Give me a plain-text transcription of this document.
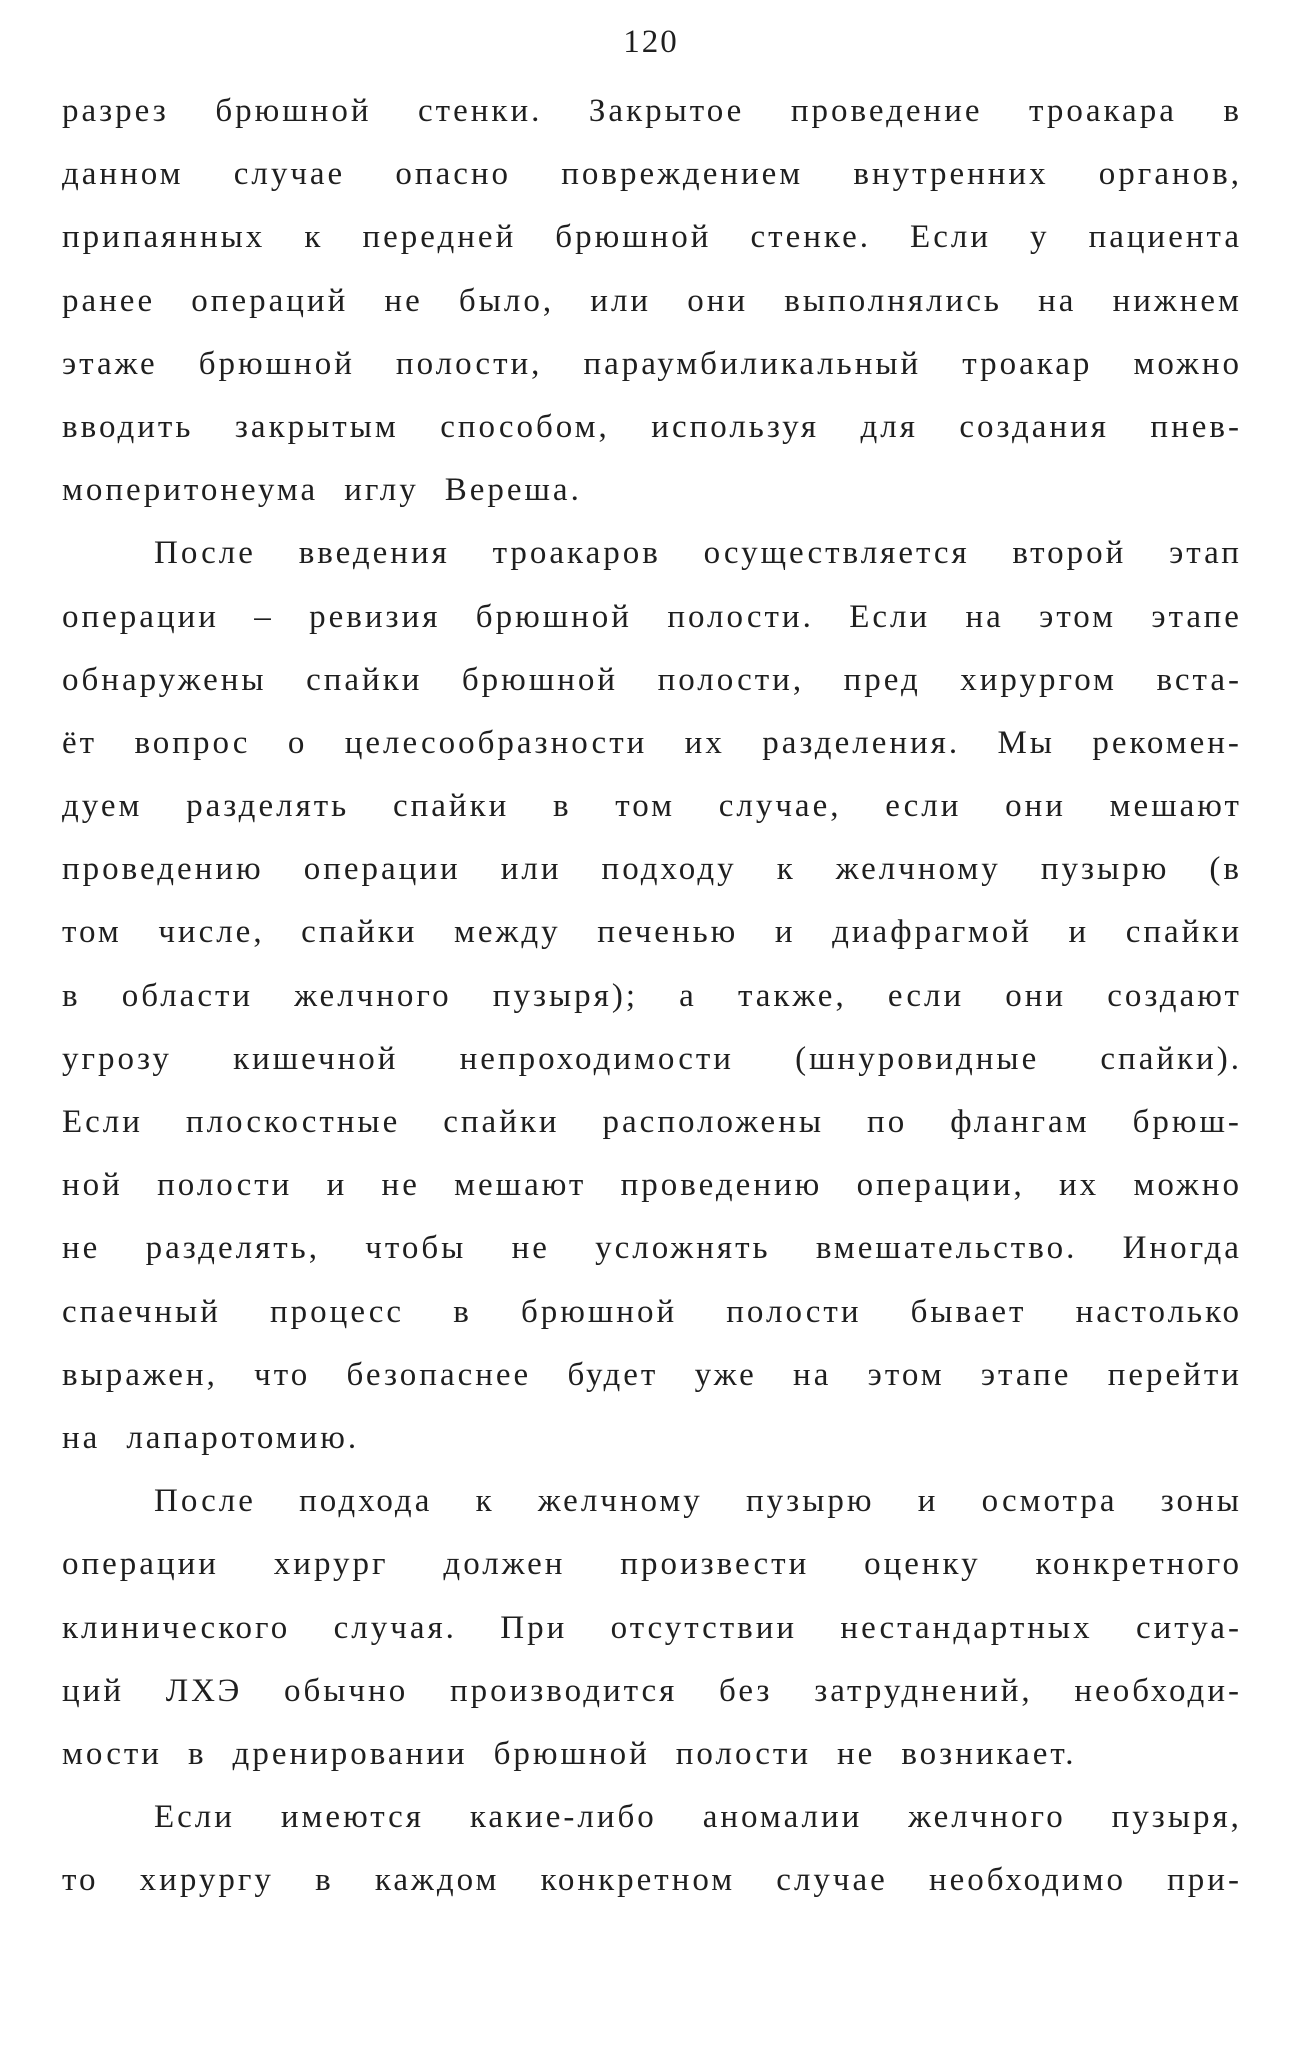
120
разрез брюшной стенки. Закрытое проведение троакара в
данном случае опасно повреждением внутренних органов,
припаянных к передней брюшной стенке. Если у пациента
ранее операций не было, или они выполнялись на нижнем
этаже брюшной полости, параумбиликальный троакар можно
вводить закрытым способом, используя для создания пнев-
моперитонеума иглу Вереша.
После введения троакаров осуществляется второй этап
операции – ревизия брюшной полости. Если на этом этапе
обнаружены спайки брюшной полости, пред хирургом вста-
ёт вопрос о целесообразности их разделения. Мы рекомен-
дуем разделять спайки в том случае, если они мешают
проведению операции или подходу к желчному пузырю (в
том числе, спайки между печенью и диафрагмой и спайки
в области желчного пузыря); а также, если они создают
угрозу кишечной непроходимости (шнуровидные спайки).
Если плоскостные спайки расположены по флангам брюш-
ной полости и не мешают проведению операции, их можно
не разделять, чтобы не усложнять вмешательство. Иногда
спаечный процесс в брюшной полости бывает настолько
выражен, что безопаснее будет уже на этом этапе перейти
на лапаротомию.
После подхода к желчному пузырю и осмотра зоны
операции хирург должен произвести оценку конкретного
клинического случая. При отсутствии нестандартных ситуа-
ций ЛХЭ обычно производится без затруднений, необходи-
мости в дренировании брюшной полости не возникает.
Если имеются какие-либо аномалии желчного пузыря,
то хирургу в каждом конкретном случае необходимо при-
